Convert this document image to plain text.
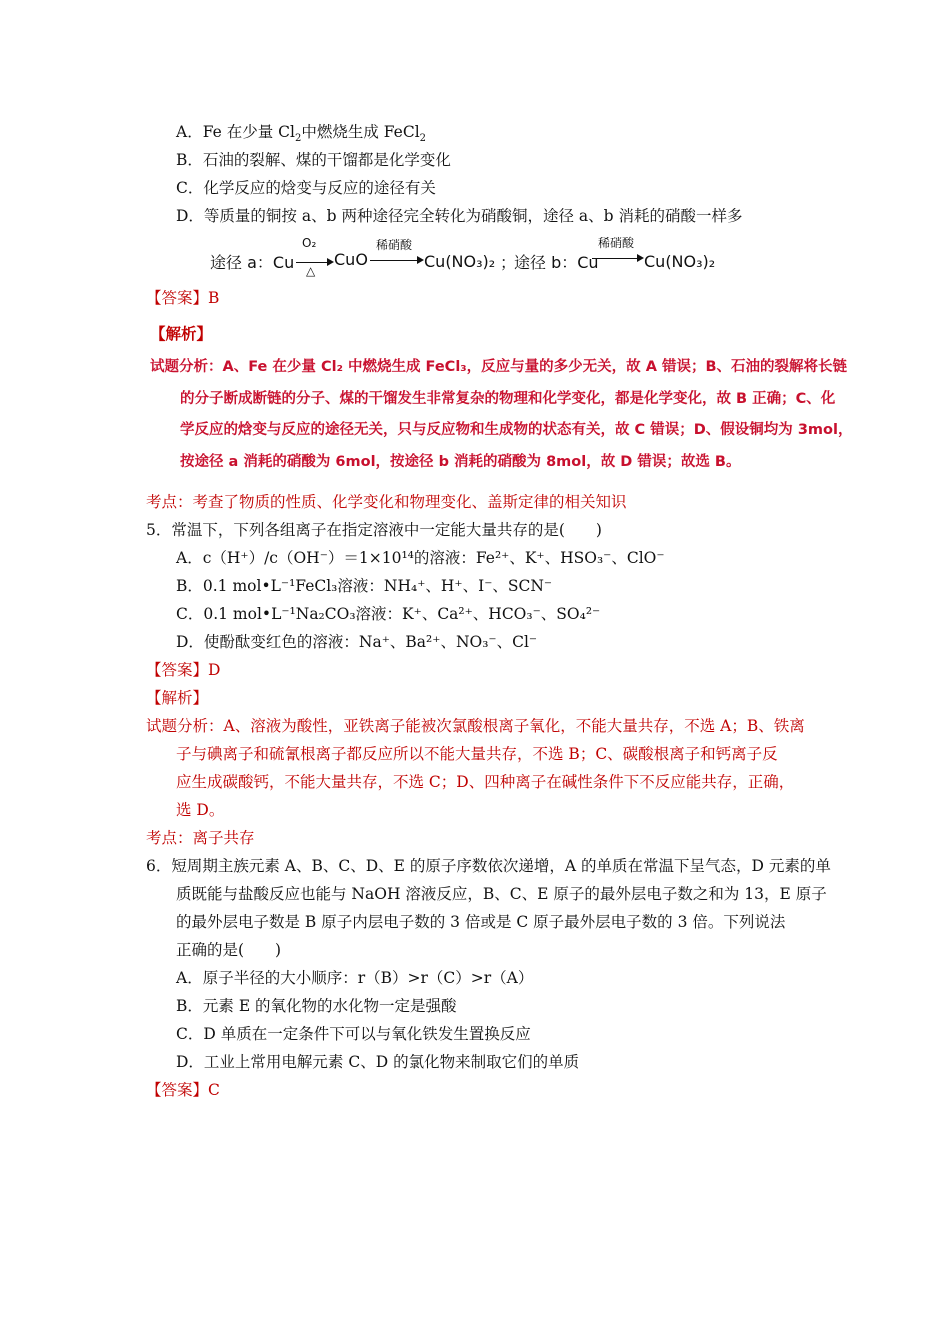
A．Fe 在少量 $Cl_2$中燃烧生成 FeCl$_2$
B．石油的裂解、煤的干馏都是化学变化
C．化学反应的焓变与反应的途径有关
D．等质量的铜按 a、b 两种途径完全转化为硝酸铜，途径 a、b 消耗的硝酸一样多
途径 a：Cu
O₂
△
CuO
稀硝酸
Cu(NO₃)₂ ；
途径 b：Cu
稀硝酸
Cu(NO₃)₂
【答案】B
【解析】
试题分析：A、Fe 在少量 Cl₂ 中燃烧生成 FeCl₃，反应与量的多少无关，故 A 错误；B、石油的裂解将长链
的分子断成断链的分子、煤的干馏发生非常复杂的物理和化学变化，都是化学变化，故 B 正确；C、化
学反应的焓变与反应的途径无关，只与反应物和生成物的状态有关，故 C 错误；D、假设铜均为 3mol，
按途径 a 消耗的硝酸为 6mol，按途径 b 消耗的硝酸为 8mol，故 D 错误；故选 B。
考点：考查了物质的性质、化学变化和物理变化、盖斯定律的相关知识
5．常温下，下列各组离子在指定溶液中一定能大量共存的是(　　)
A．c（H⁺）/c（OH⁻）＝1×10¹⁴的溶液：Fe²⁺、K⁺、HSO₃⁻、ClO⁻
B．0.1 mol•L⁻¹FeCl₃溶液：NH₄⁺、H⁺、I⁻、SCN⁻
C．0.1 mol•L⁻¹Na₂CO₃溶液：K⁺、Ca²⁺、HCO₃⁻、SO₄²⁻
D．使酚酞变红色的溶液：Na⁺、Ba²⁺、NO₃⁻、Cl⁻
【答案】D
【解析】
试题分析：A、溶液为酸性，亚铁离子能被次氯酸根离子氧化，不能大量共存，不选 A；B、铁离
子与碘离子和硫氰根离子都反应所以不能大量共存，不选 B；C、碳酸根离子和钙离子反
应生成碳酸钙，不能大量共存，不选 C；D、四种离子在碱性条件下不反应能共存，正确，
选 D。
考点：离子共存
6．短周期主族元素 A、B、C、D、E 的原子序数依次递增，A 的单质在常温下呈气态，D 元素的单
质既能与盐酸反应也能与 NaOH 溶液反应，B、C、E 原子的最外层电子数之和为 13，E 原子
的最外层电子数是 B 原子内层电子数的 3 倍或是 C 原子最外层电子数的 3 倍。下列说法
正确的是(　　)
A．原子半径的大小顺序：r（B）>r（C）>r（A）
B．元素 E 的氧化物的水化物一定是强酸
C．D 单质在一定条件下可以与氧化铁发生置换反应
D．工业上常用电解元素 C、D 的氯化物来制取它们的单质
【答案】C
